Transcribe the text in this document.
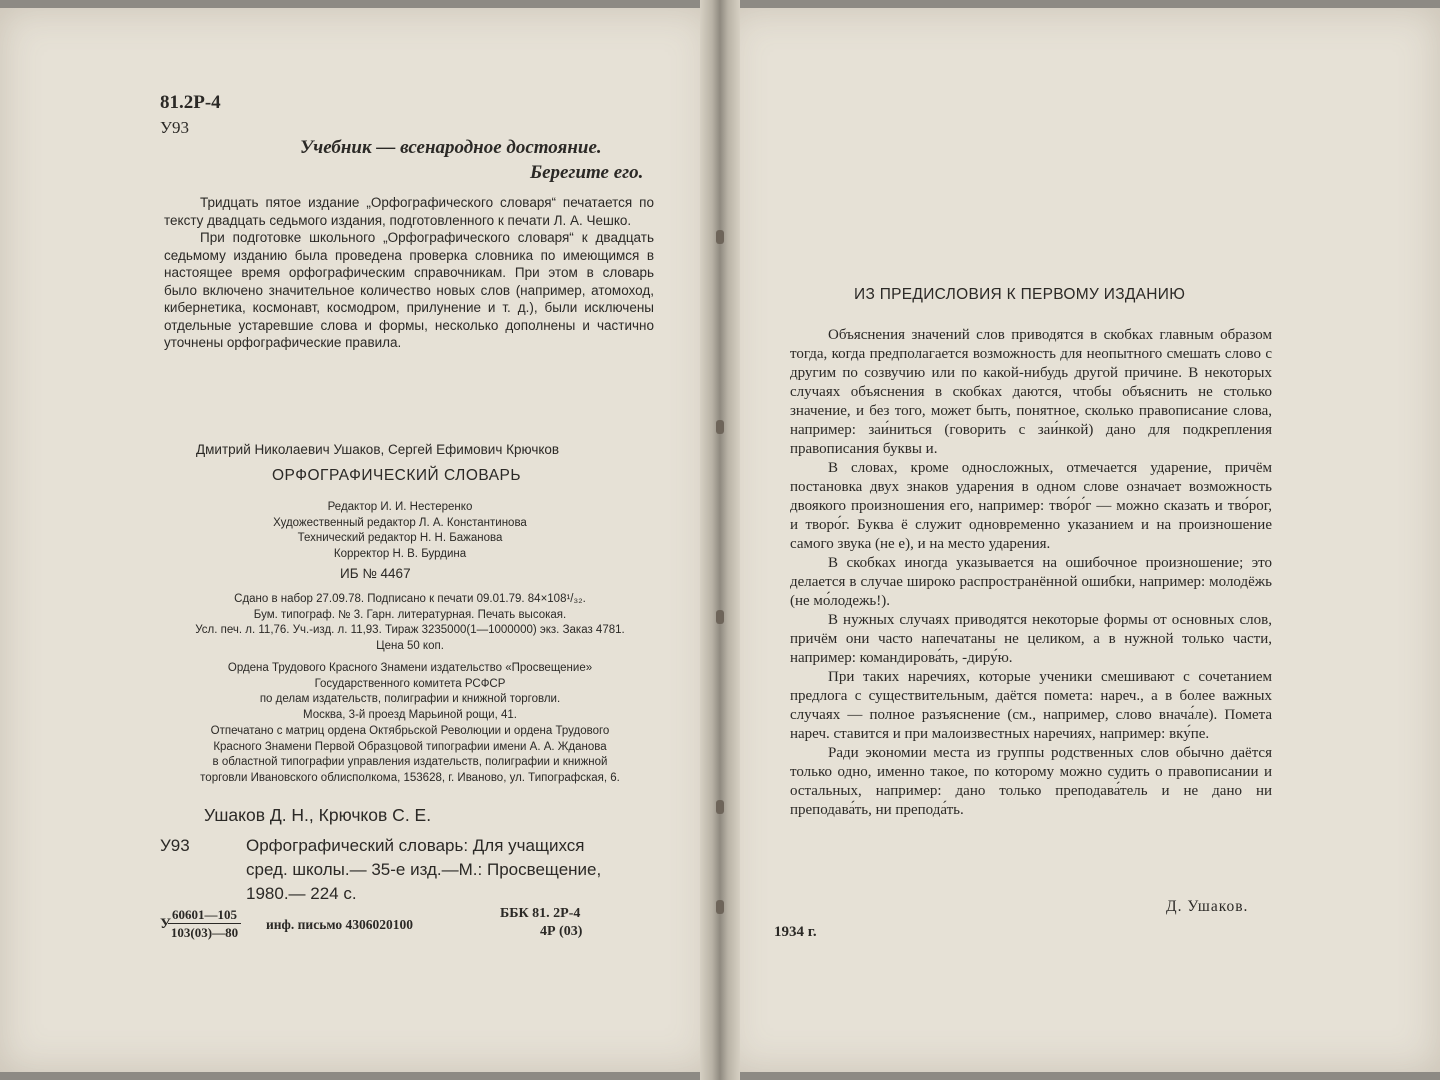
81.2Р-4
У93
Учебник — всенародное достояние.
Берегите его.

Тридцать пятое издание „Орфографического словаря“ печатается по тексту двадцать седьмого издания, подготовленного к печати Л. А. Чешко.

При подготовке школьного „Орфографического словаря“ к двадцать седьмому изданию была проведена проверка словника по имеющимся в настоящее время орфографическим справочникам. При этом в словарь было включено значительное количество новых слов (например, атомоход, кибернетика, космонавт, космодром, прилунение и т. д.), были исключены отдельные устаревшие слова и формы, несколько дополнены и частично уточнены орфографические правила.

Дмитрий Николаевич Ушаков, Сергей Ефимович Крючков
ОРФОГРАФИЧЕСКИЙ СЛОВАРЬ
Редактор И. И. Нестеренко
Художественный редактор Л. А. Константинова
Технический редактор Н. Н. Бажанова
Корректор Н. В. Бурдина
ИБ № 4467
Сдано в набор 27.09.78. Подписано к печати 09.01.79. 84×108¹/₃₂.
Бум. типограф. № 3. Гарн. литературная. Печать высокая.
Усл. печ. л. 11,76. Уч.-изд. л. 11,93. Тираж 3235000(1—1000000) экз. Заказ 4781.
Цена 50 коп.
Ордена Трудового Красного Знамени издательство «Просвещение»
Государственного комитета РСФСР
по делам издательств, полиграфии и книжной торговли.
Москва, 3-й проезд Марьиной рощи, 41.
Отпечатано с матриц ордена Октябрьской Революции и ордена Трудового
Красного Знамени Первой Образцовой типографии имени А. А. Жданова
в областной типографии управления издательств, полиграфии и книжной
торговли Ивановского облисполкома, 153628, г. Иваново, ул. Типографская, 6.
Ушаков Д. Н., Крючков С. Е.
У93	Орфографический словарь: Для учащихся
сред. школы.— 35-е изд.—М.: Просвещение,
1980.— 224 с.
У
$\frac{60601—105}{103(03)—80}$ инф. письмо 4306020100
ББК 81. 2Р-4
4Р (03)
ИЗ ПРЕДИСЛОВИЯ К ПЕРВОМУ ИЗДАНИЮ

Объяснения значений слов приводятся в скобках главным образом тогда, когда предполагается возможность для неопытного смешать слово с другим по созвучию или по какой-нибудь другой причине. В некоторых случаях объяснения в скобках даются, чтобы объяснить не столько значение, и без того, может быть, понятное, сколько правописание слова, например: заи́ниться (говорить с заи́нкой) дано для подкрепления правописания буквы и.

В словах, кроме односложных, отмечается ударение, причём постановка двух знаков ударения в одном слове означает возможность двоякого произношения его, например: тво́ро́г — можно сказать и тво́рог, и творо́г. Буква ё служит одновременно указанием и на произношение самого звука (не е), и на место ударения.

В скобках иногда указывается на ошибочное произношение; это делается в случае широко распространённой ошибки, например: молодёжь (не мо́лодежь!).

В нужных случаях приводятся некоторые формы от основных слов, причём они часто напечатаны не целиком, а в нужной только части, например: командирова́ть, -диру́ю.

При таких наречиях, которые ученики смешивают с сочетанием предлога с существительным, даётся помета: нареч., а в более важных случаях — полное разъяснение (см., например, слово внача́ле). Помета нареч. ставится и при малоизвестных наречиях, например: вку́пе.

Ради экономии места из группы родственных слов обычно даётся только одно, именно такое, по которому можно судить о правописании и остальных, например: дано только преподава́тель и не дано ни преподава́ть, ни препода́ть.

Д. Ушаков.
1934 г.
